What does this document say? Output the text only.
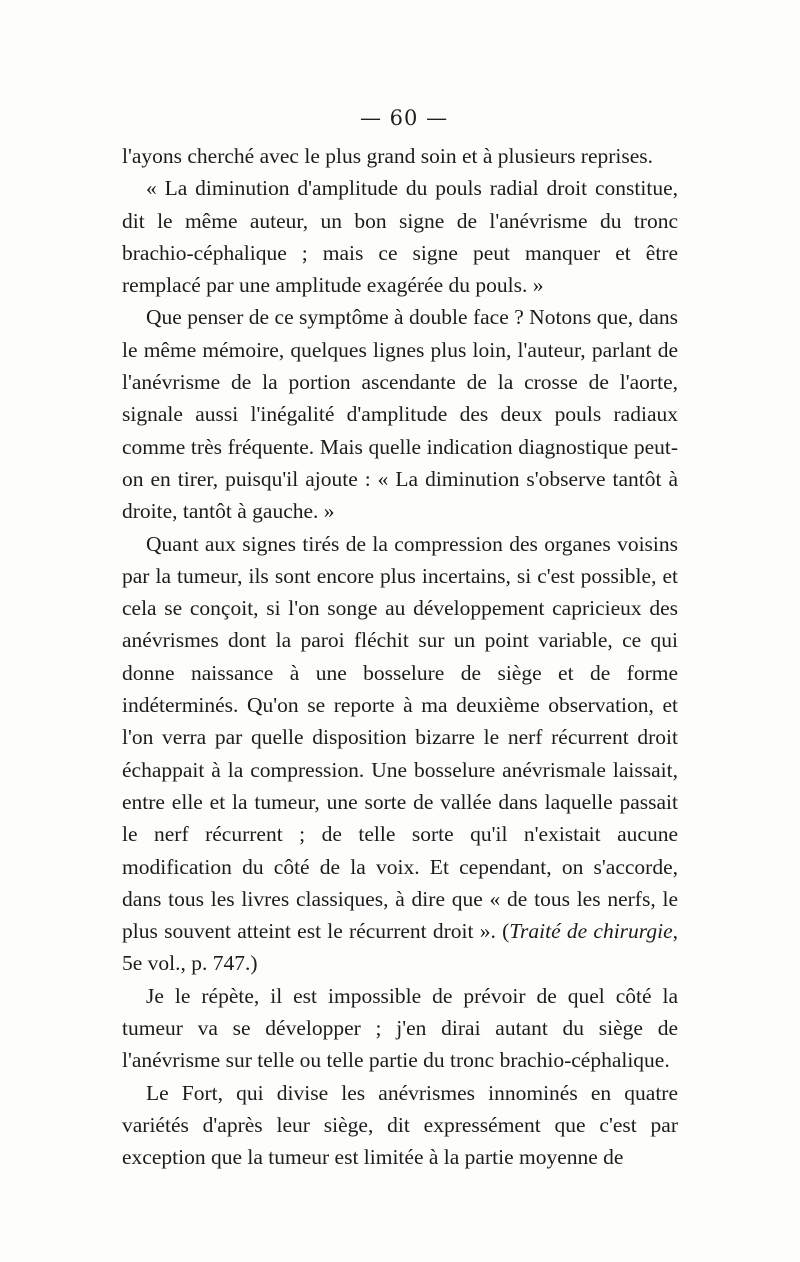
— 60 —

l'ayons cherché avec le plus grand soin et à plusieurs reprises.

« La diminution d'amplitude du pouls radial droit constitue, dit le même auteur, un bon signe de l'anévrisme du tronc brachio-céphalique ; mais ce signe peut manquer et être remplacé par une amplitude exagérée du pouls. »

Que penser de ce symptôme à double face ? Notons que, dans le même mémoire, quelques lignes plus loin, l'auteur, parlant de l'anévrisme de la portion ascendante de la crosse de l'aorte, signale aussi l'inégalité d'amplitude des deux pouls radiaux comme très fréquente. Mais quelle indication diagnostique peut-on en tirer, puisqu'il ajoute : « La diminution s'observe tantôt à droite, tantôt à gauche. »

Quant aux signes tirés de la compression des organes voisins par la tumeur, ils sont encore plus incertains, si c'est possible, et cela se conçoit, si l'on songe au développement capricieux des anévrismes dont la paroi fléchit sur un point variable, ce qui donne naissance à une bosselure de siège et de forme indéterminés. Qu'on se reporte à ma deuxième observation, et l'on verra par quelle disposition bizarre le nerf récurrent droit échappait à la compression. Une bosselure anévrismale laissait, entre elle et la tumeur, une sorte de vallée dans laquelle passait le nerf récurrent ; de telle sorte qu'il n'existait aucune modification du côté de la voix. Et cependant, on s'accorde, dans tous les livres classiques, à dire que « de tous les nerfs, le plus souvent atteint est le récurrent droit ». (Traité de chirurgie, 5e vol., p. 747.)

Je le répète, il est impossible de prévoir de quel côté la tumeur va se développer ; j'en dirai autant du siège de l'anévrisme sur telle ou telle partie du tronc brachio-céphalique.

Le Fort, qui divise les anévrismes innominés en quatre variétés d'après leur siège, dit expressément que c'est par exception que la tumeur est limitée à la partie moyenne de
